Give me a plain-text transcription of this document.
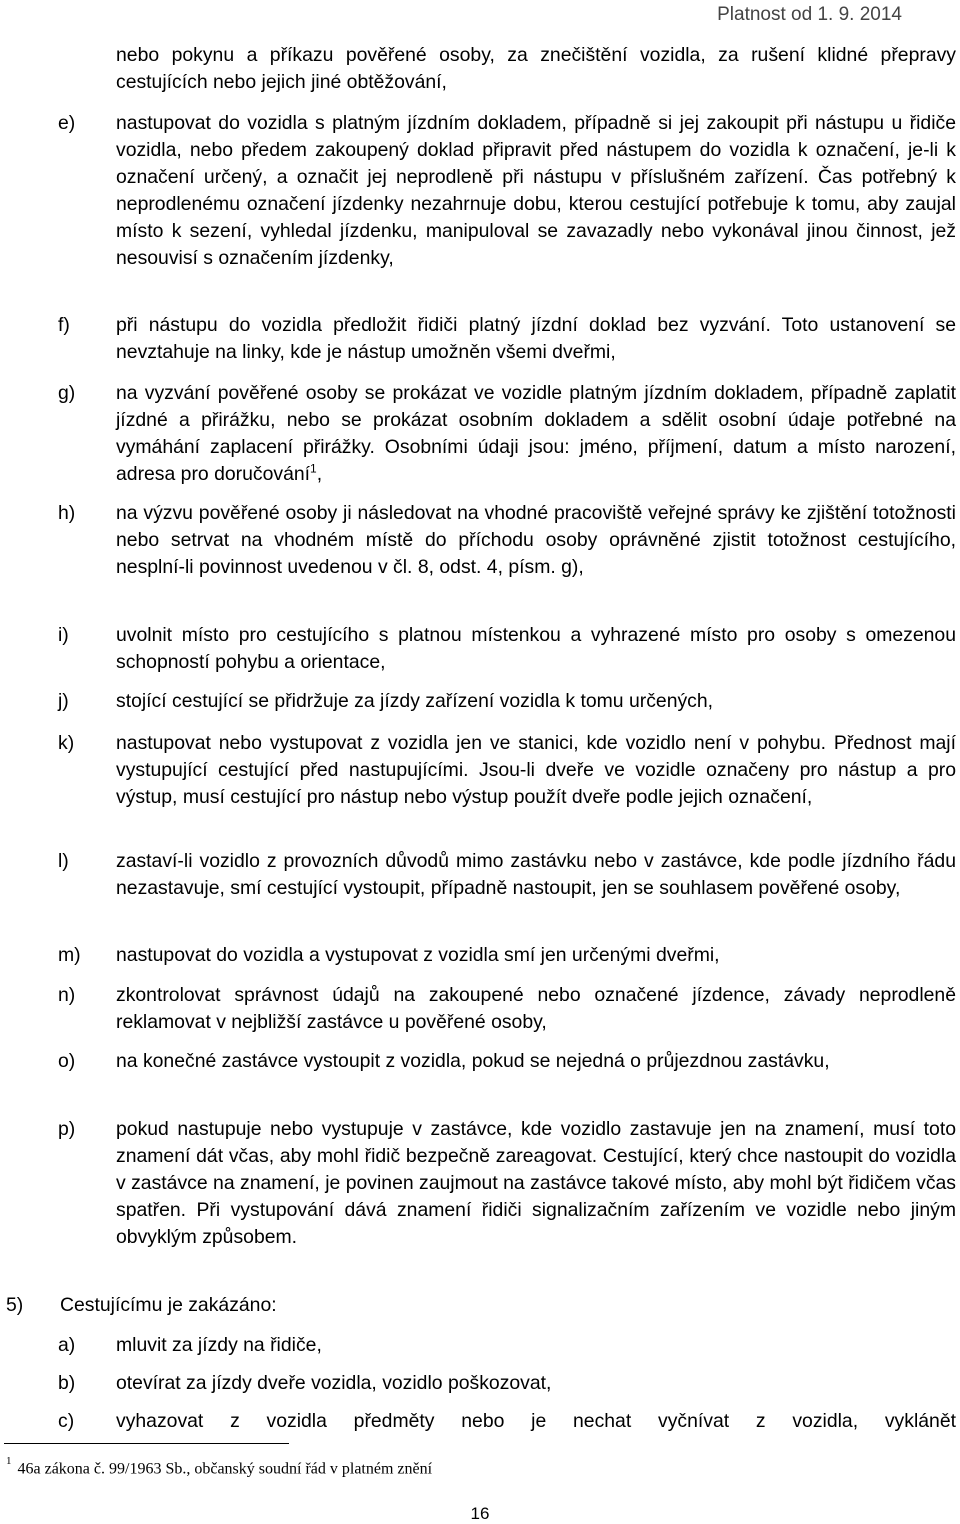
Platnost od 1. 9. 2014
nebo pokynu a příkazu pověřené osoby, za znečištění vozidla, za rušení klidné přepravy cestujících nebo jejich jiné obtěžování,
e)	nastupovat do vozidla s platným jízdním dokladem, případně si jej zakoupit při nástupu u řidiče vozidla, nebo předem zakoupený doklad připravit před nástupem do vozidla k označení, je-li k označení určený, a označit jej neprodleně při nástupu v příslušném zařízení. Čas potřebný k neprodlenému označení jízdenky nezahrnuje dobu, kterou cestující potřebuje k tomu, aby zaujal místo k sezení, vyhledal jízdenku, manipuloval se zavazadly nebo vykonával jinou činnost, jež nesouvisí s označením jízdenky,
f)	při nástupu do vozidla předložit řidiči platný jízdní doklad bez vyzvání. Toto ustanovení se nevztahuje na linky, kde je nástup umožněn všemi dveřmi,
g)	na vyzvání pověřené osoby se prokázat ve vozidle platným jízdním dokladem, případně zaplatit jízdné a přirážku, nebo se prokázat osobním dokladem a sdělit osobní údaje potřebné na vymáhání zaplacení přirážky. Osobními údaji jsou: jméno, příjmení, datum a místo narození, adresa pro doručování$^1$,
h)	na výzvu pověřené osoby ji následovat na vhodné pracoviště veřejné správy ke zjištění totožnosti nebo setrvat na vhodném místě do příchodu osoby oprávněné zjistit totožnost cestujícího, nesplní-li povinnost uvedenou v čl. 8, odst. 4, písm. g),
i)	uvolnit místo pro cestujícího s platnou místenkou a vyhrazené místo pro osoby s omezenou schopností pohybu a orientace,
j)	stojící cestující se přidržuje za jízdy zařízení vozidla k tomu určených,
k)	nastupovat nebo vystupovat z vozidla jen ve stanici, kde vozidlo není v pohybu. Přednost mají vystupující cestující před nastupujícími. Jsou-li dveře ve vozidle označeny pro nástup a pro výstup, musí cestující pro nástup nebo výstup použít dveře podle jejich označení,
l)	zastaví-li vozidlo z provozních důvodů mimo zastávku nebo v zastávce, kde podle jízdního řádu nezastavuje, smí cestující vystoupit, případně nastoupit, jen se souhlasem pověřené osoby,
m)	nastupovat do vozidla a vystupovat z vozidla smí jen určenými dveřmi,
n)	zkontrolovat správnost údajů na zakoupené nebo označené jízdence, závady neprodleně reklamovat v nejbližší zastávce u pověřené osoby,
o)	na konečné zastávce vystoupit z vozidla, pokud se nejedná o průjezdnou zastávku,
p)	pokud nastupuje nebo vystupuje v zastávce, kde vozidlo zastavuje jen na znamení, musí toto znamení dát včas, aby mohl řidič bezpečně zareagovat. Cestující, který chce nastoupit do vozidla v zastávce na znamení, je povinen zaujmout na zastávce takové místo, aby mohl být řidičem včas spatřen. Při vystupování dává znamení řidiči signalizačním zařízením ve vozidle nebo jiným obvyklým způsobem.
5)	Cestujícímu je zakázáno:
a)	mluvit za jízdy na řidiče,
b)	otevírat za jízdy dveře vozidla, vozidlo poškozovat,
c)	vyhazovat z vozidla předměty nebo je nechat vyčnívat z vozidla, vyklánět
$^1$ 46a zákona č. 99/1963 Sb., občanský soudní řád v platném znění
16
